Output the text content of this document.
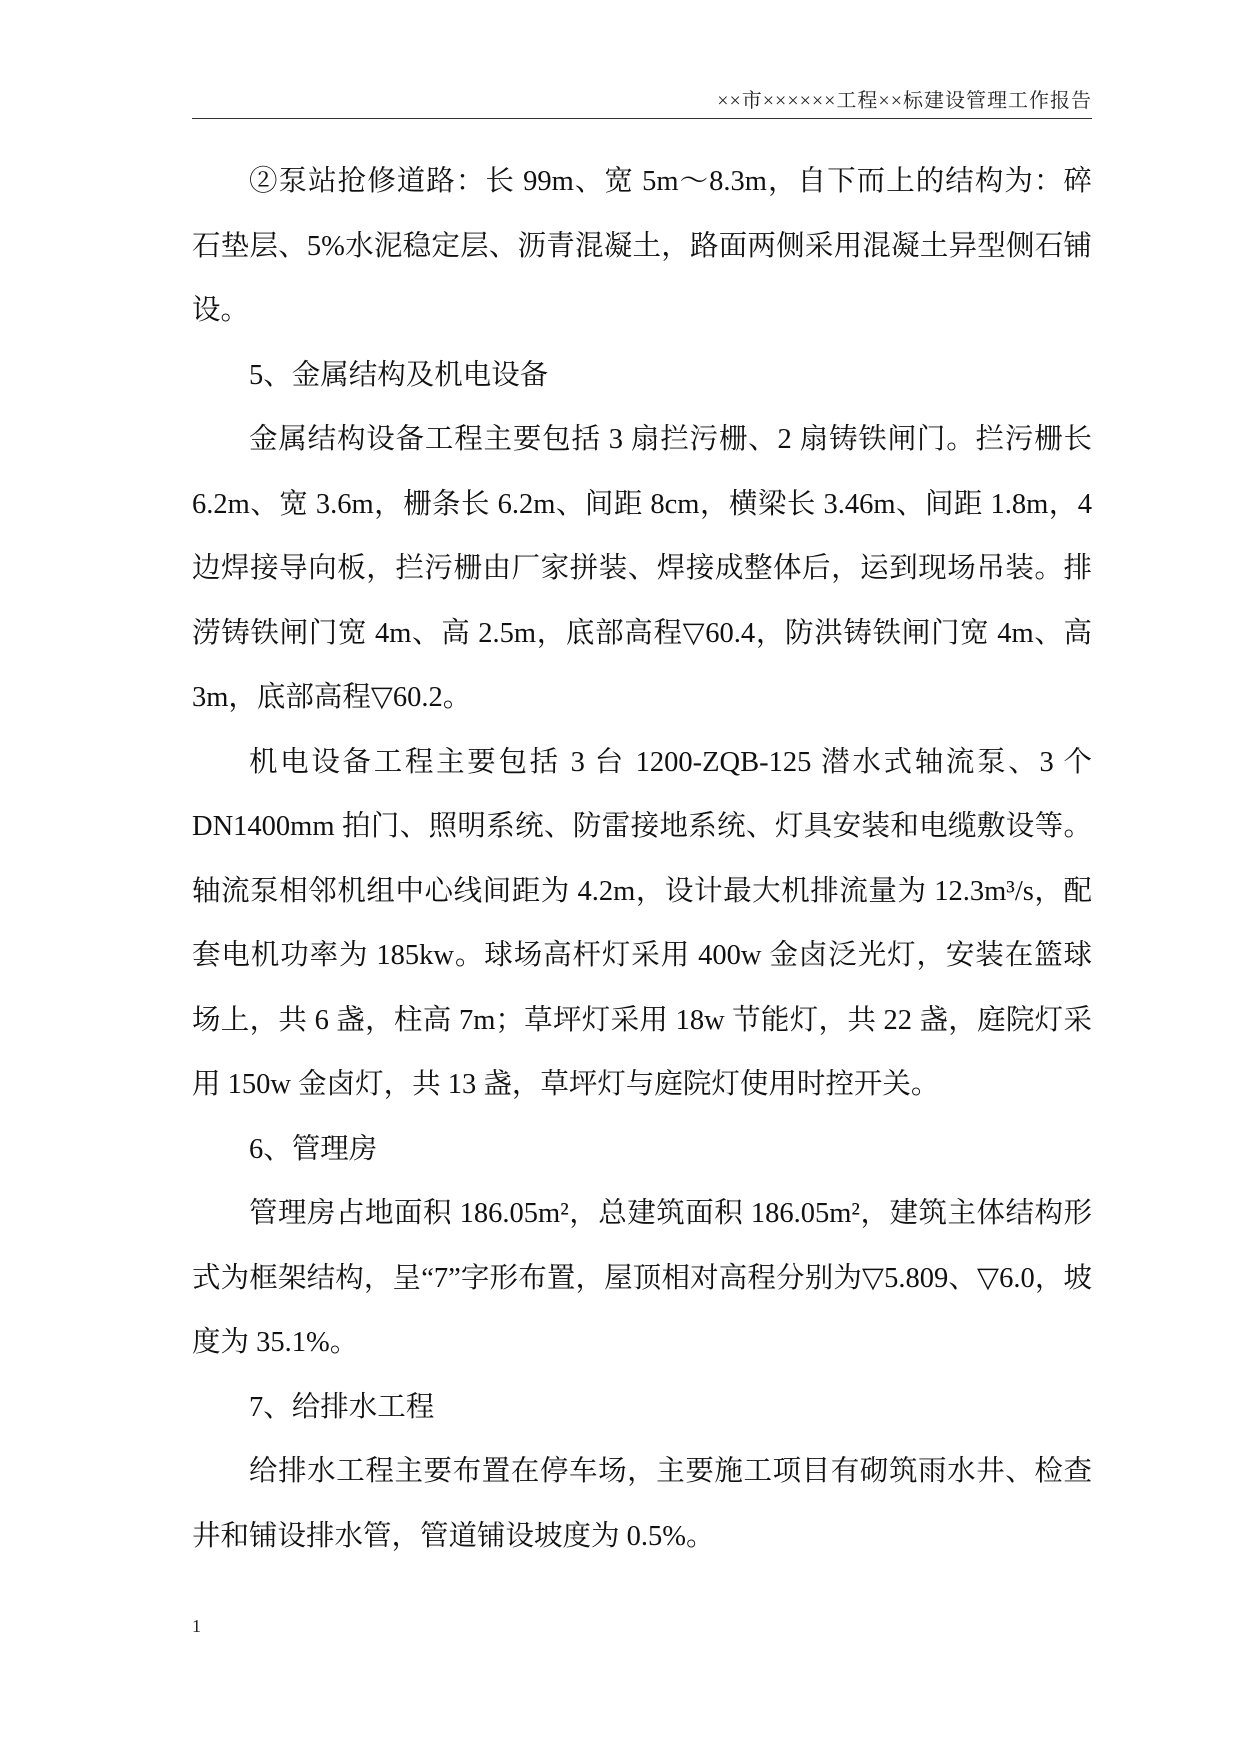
××市××××××工程××标建设管理工作报告

②泵站抢修道路：长 99m、宽 5m～8.3m，自下而上的结构为：碎石垫层、5%水泥稳定层、沥青混凝土，路面两侧采用混凝土异型侧石铺设。

5、金属结构及机电设备

金属结构设备工程主要包括 3 扇拦污栅、2 扇铸铁闸门。拦污栅长 6.2m、宽 3.6m，栅条长 6.2m、间距 8cm，横梁长 3.46m、间距 1.8m，4 边焊接导向板，拦污栅由厂家拼装、焊接成整体后，运到现场吊装。排涝铸铁闸门宽 4m、高 2.5m，底部高程▽60.4，防洪铸铁闸门宽 4m、高 3m，底部高程▽60.2。

机电设备工程主要包括 3 台 1200-ZQB-125 潜水式轴流泵、3 个 DN1400mm 拍门、照明系统、防雷接地系统、灯具安装和电缆敷设等。轴流泵相邻机组中心线间距为 4.2m，设计最大机排流量为 12.3m³/s，配套电机功率为 185kw。球场高杆灯采用 400w 金卤泛光灯，安装在篮球场上，共 6 盏，柱高 7m；草坪灯采用 18w 节能灯，共 22 盏，庭院灯采用 150w 金卤灯，共 13 盏，草坪灯与庭院灯使用时控开关。

6、管理房

管理房占地面积 186.05m²，总建筑面积 186.05m²，建筑主体结构形式为框架结构，呈“7”字形布置，屋顶相对高程分别为▽5.809、▽6.0，坡度为 35.1%。

7、给排水工程

给排水工程主要布置在停车场，主要施工项目有砌筑雨水井、检查井和铺设排水管，管道铺设坡度为 0.5%。

1
